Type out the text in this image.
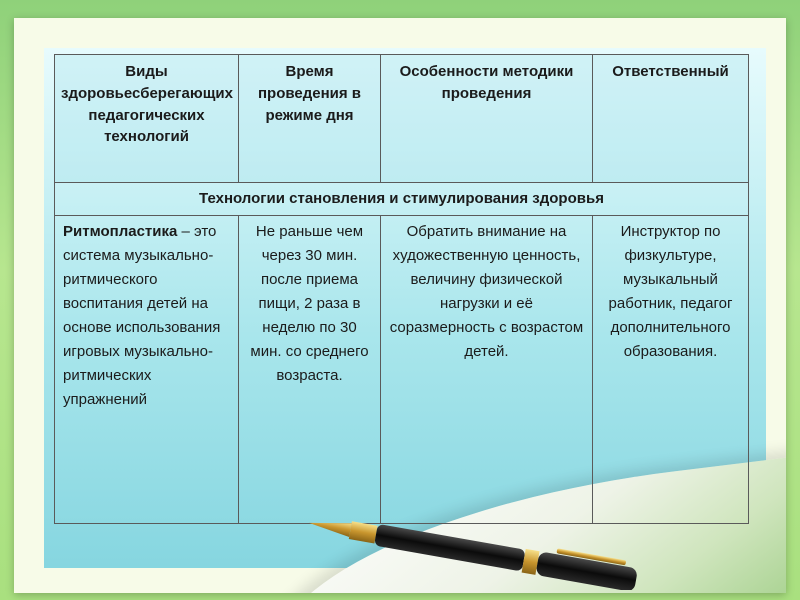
Виды здоровьесберегающих педагогических технологий	Время проведения в режиме дня	Особенности методики проведения	Ответственный
Технологии становления и стимулирования здоровья			
Ритмопластика – это система музыкально-ритмического воспитания детей на основе использования игровых музыкально-ритмических упражнений	Не раньше чем через 30 мин. после приема пищи, 2 раза в неделю по 30 мин. со среднего возраста.	Обратить внимание на художественную ценность, величину физической нагрузки и её соразмерность с возрастом детей.	Инструктор по физкультуре, музыкальный работник, педагог дополнительного образования.
